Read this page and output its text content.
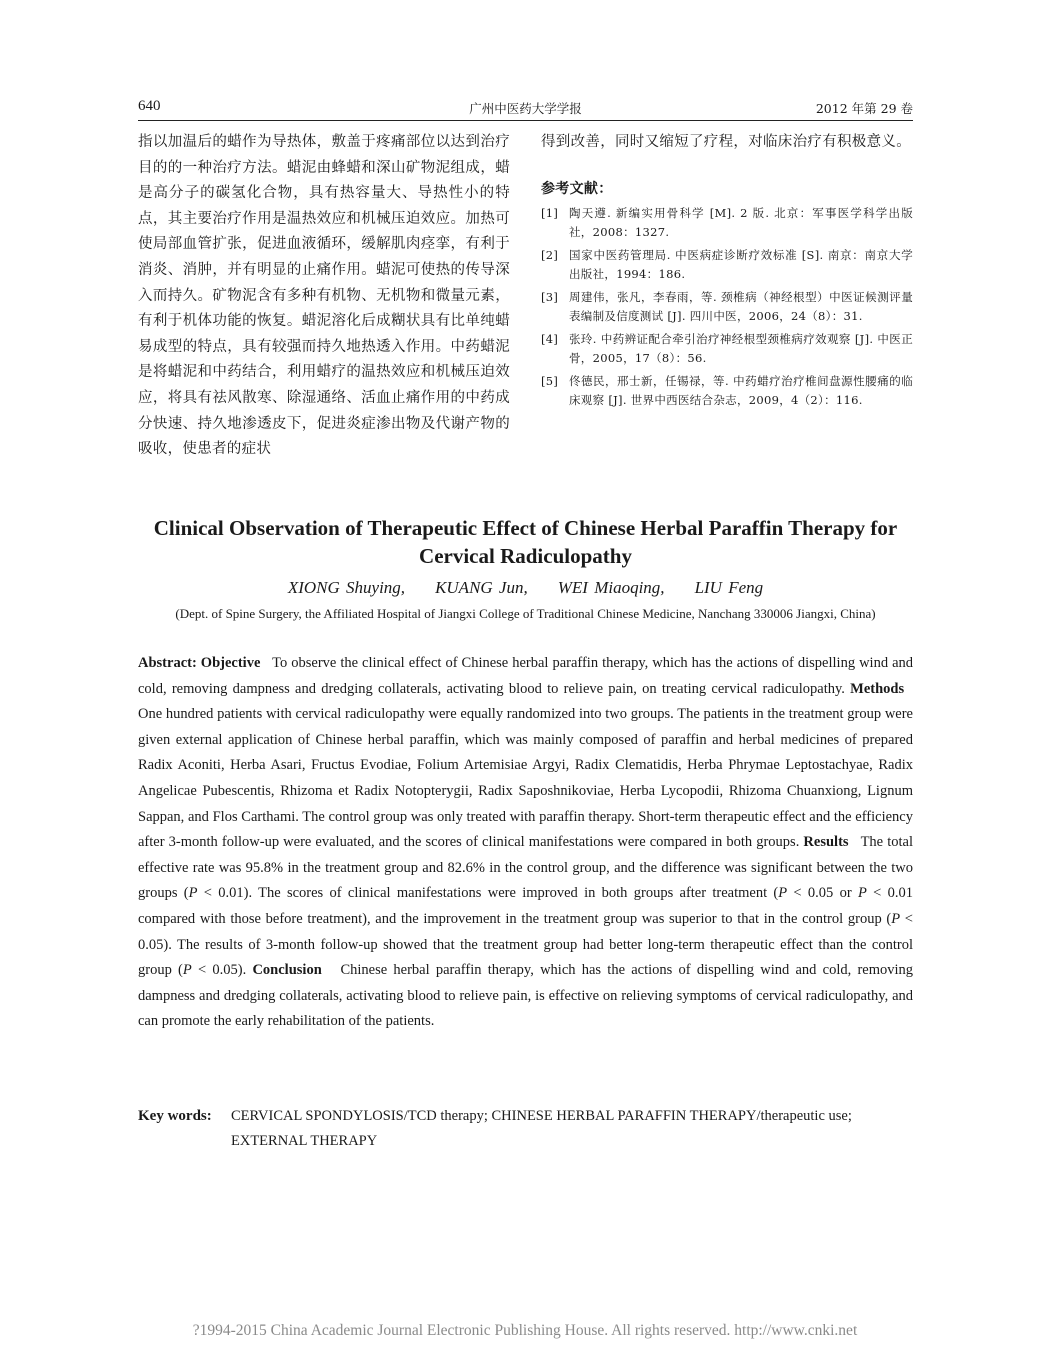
640	广州中医药大学学报	2012 年第 29 卷

指以加温后的蜡作为导热体，敷盖于疼痛部位以达到治疗目的的一种治疗方法。蜡泥由蜂蜡和深山矿物泥组成，蜡是高分子的碳氢化合物，具有热容量大、导热性小的特点，其主要治疗作用是温热效应和机械压迫效应。加热可使局部血管扩张，促进血液循环，缓解肌肉痉挛，有利于消炎、消肿，并有明显的止痛作用。蜡泥可使热的传导深入而持久。矿物泥含有多种有机物、无机物和微量元素，有利于机体功能的恢复。蜡泥溶化后成糊状具有比单纯蜡易成型的特点，具有较强而持久地热透入作用。中药蜡泥是将蜡泥和中药结合，利用蜡疗的温热效应和机械压迫效应，将具有祛风散寒、除湿通络、活血止痛作用的中药成分快速、持久地渗透皮下，促进炎症渗出物及代谢产物的吸收，使患者的症状

得到改善，同时又缩短了疗程，对临床治疗有积极意义。

参考文献：
[1] 陶天遵. 新编实用骨科学 [M]. 2 版. 北京：军事医学科学出版社，2008：1327.
[2] 国家中医药管理局. 中医病症诊断疗效标准 [S]. 南京：南京大学出版社，1994：186.
[3] 周建伟，张凡，李春雨，等. 颈椎病（神经根型）中医证候测评量表编制及信度测试 [J]. 四川中医，2006，24（8）：31.
[4] 张玲. 中药辨证配合牵引治疗神经根型颈椎病疗效观察 [J]. 中医正骨，2005，17（8）：56.
[5] 佟德民，邢士新，任锡禄，等. 中药蜡疗治疗椎间盘源性腰痛的临床观察 [J]. 世界中西医结合杂志，2009，4（2）：116.
Clinical Observation of Therapeutic Effect of Chinese Herbal Paraffin Therapy for Cervical Radiculopathy
XIONG Shuying, KUANG Jun, WEI Miaoqing, LIU Feng
(Dept. of Spine Surgery, the Affiliated Hospital of Jiangxi College of Traditional Chinese Medicine, Nanchang 330006 Jiangxi, China)
Abstract: Objective To observe the clinical effect of Chinese herbal paraffin therapy, which has the actions of dispelling wind and cold, removing dampness and dredging collaterals, activating blood to relieve pain, on treating cervical radiculopathy. Methods   One hundred patients with cervical radiculopathy were equally randomized into two groups. The patients in the treatment group were given external application of Chinese herbal paraffin, which was mainly composed of paraffin and herbal medicines of prepared Radix Aconiti, Herba Asari, Fructus Evodiae, Folium Artemisiae Argyi, Radix Clematidis, Herba Phrymae Leptostachyae, Radix Angelicae Pubescentis, Rhizoma et Radix Notopterygii, Radix Saposhnikoviae, Herba Lycopodii, Rhizoma Chuanxiong, Lignum Sappan, and Flos Carthami. The control group was only treated with paraffin therapy. Short-term therapeutic effect and the efficiency after 3-month follow-up were evaluated, and the scores of clinical manifestations were compared in both groups. Results The total effective rate was 95.8% in the treatment group and 82.6% in the control group, and the difference was significant between the two groups (P < 0.01). The scores of clinical manifestations were improved in both groups after treatment (P < 0.05 or P < 0.01 compared with those before treatment), and the improvement in the treatment group was superior to that in the control group (P < 0.05). The results of 3-month follow-up showed that the treatment group had better long-term therapeutic effect than the control group (P < 0.05). Conclusion Chinese herbal paraffin therapy, which has the actions of dispelling wind and cold, removing dampness and dredging collaterals, activating blood to relieve pain, is effective on relieving symptoms of cervical radiculopathy, and can promote the early rehabilitation of the patients.
Key words: CERVICAL SPONDYLOSIS/TCD therapy; CHINESE HERBAL PARAFFIN THERAPY/therapeutic use; EXTERNAL THERAPY
?1994-2015 China Academic Journal Electronic Publishing House. All rights reserved. http://www.cnki.net
